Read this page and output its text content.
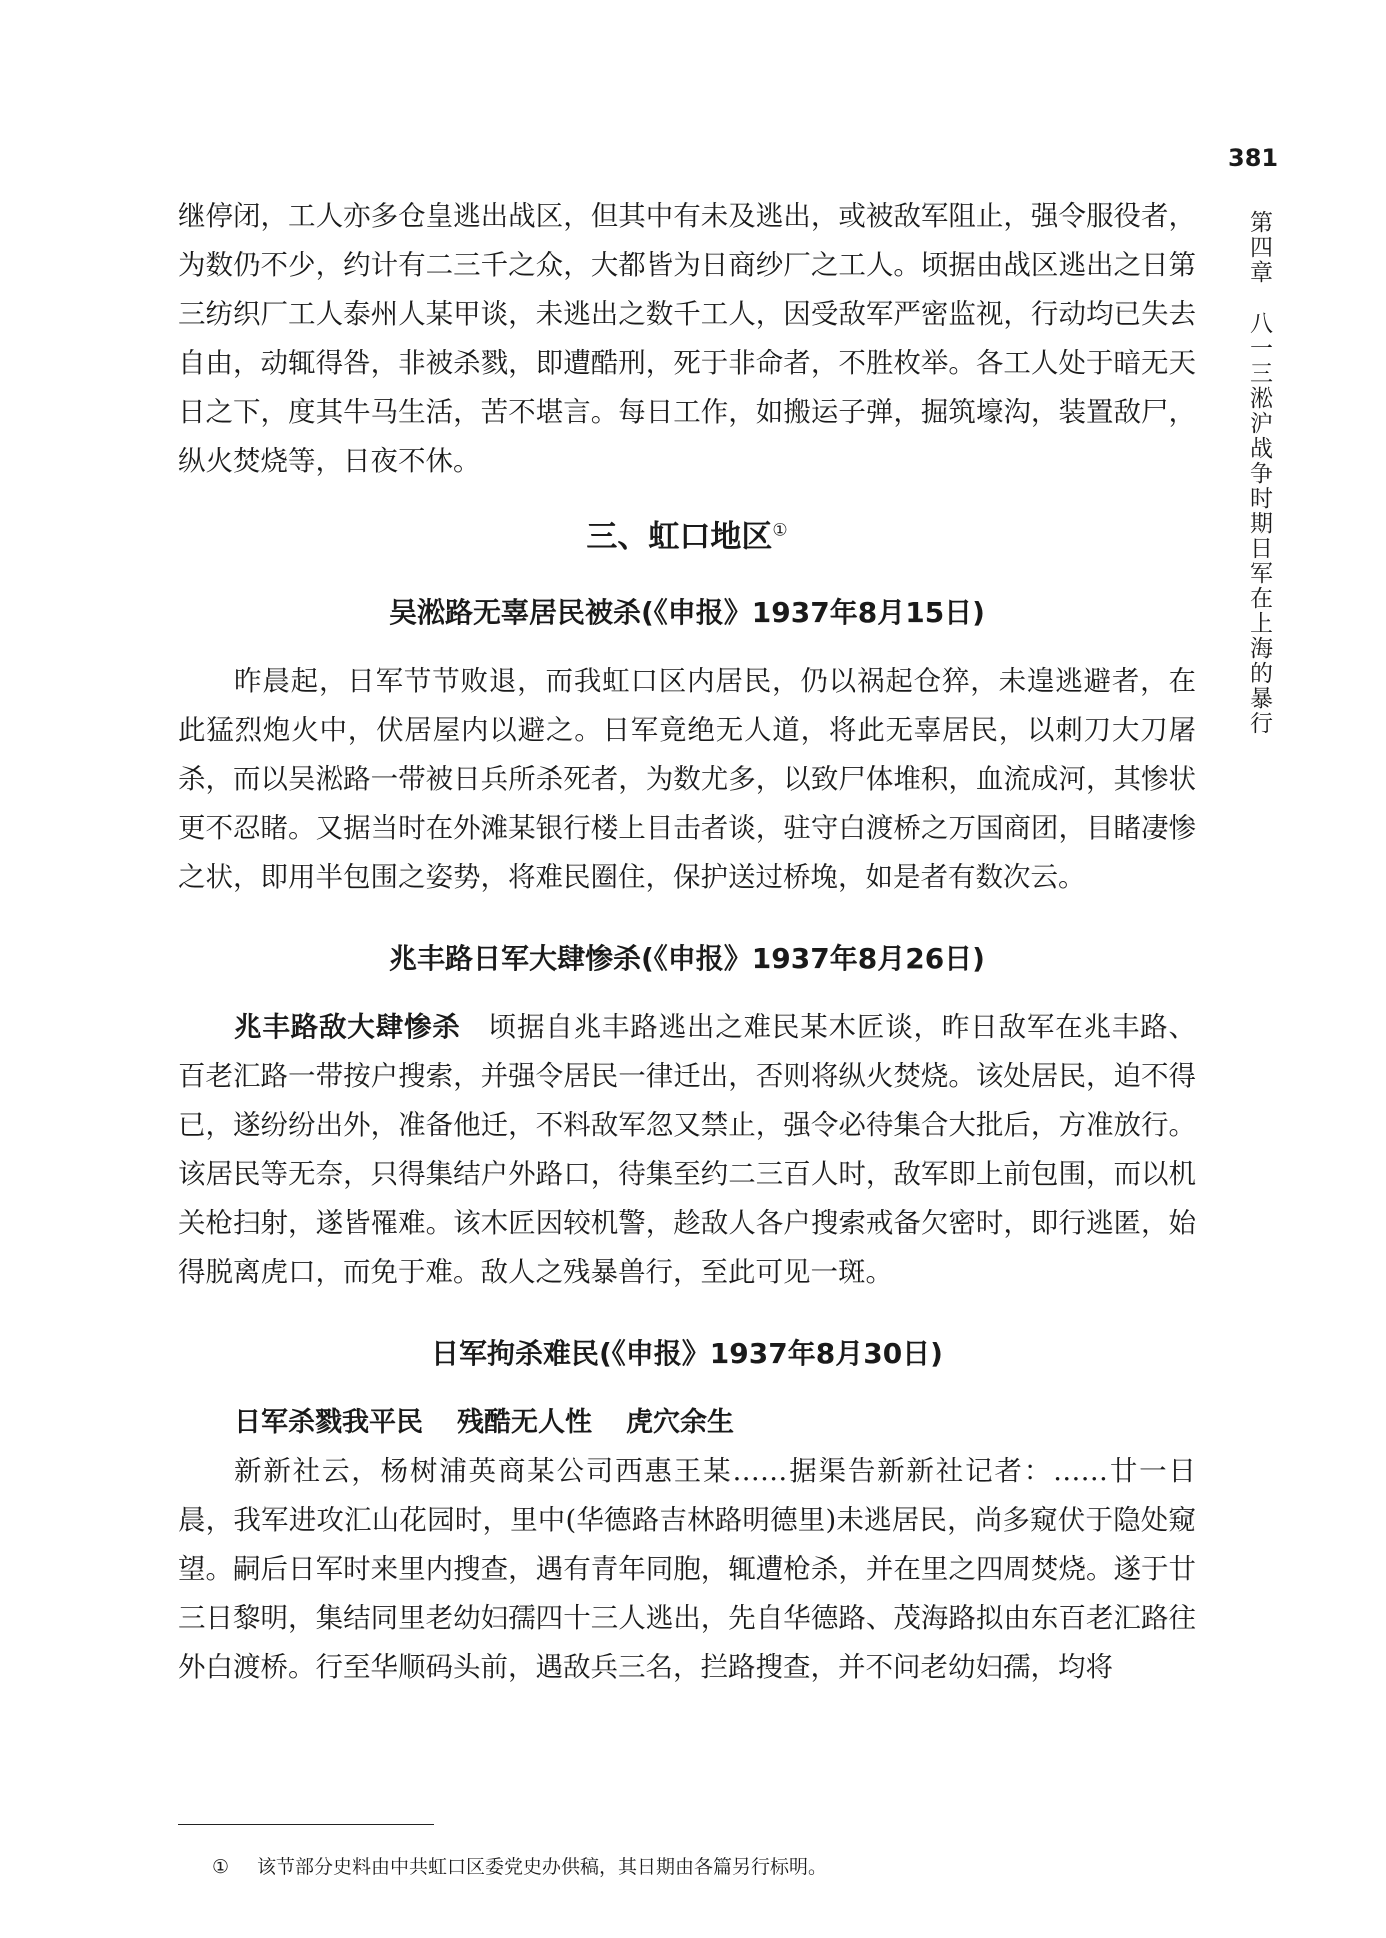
381
第四章八一三淞沪战争时期日军在上海的暴行

继停闭，工人亦多仓皇逃出战区，但其中有未及逃出，或被敌军阻止，强令服役者，为数仍不少，约计有二三千之众，大都皆为日商纱厂之工人。顷据由战区逃出之日第三纺织厂工人泰州人某甲谈，未逃出之数千工人，因受敌军严密监视，行动均已失去自由，动辄得咎，非被杀戮，即遭酷刑，死于非命者，不胜枚举。各工人处于暗无天日之下，度其牛马生活，苦不堪言。每日工作，如搬运子弹，掘筑壕沟，装置敌尸，纵火焚烧等，日夜不休。

三、虹口地区①
吴淞路无辜居民被杀(《申报》1937年8月15日)

昨晨起，日军节节败退，而我虹口区内居民，仍以祸起仓猝，未遑逃避者，在此猛烈炮火中，伏居屋内以避之。日军竟绝无人道，将此无辜居民，以刺刀大刀屠杀，而以吴淞路一带被日兵所杀死者，为数尤多，以致尸体堆积，血流成河，其惨状更不忍睹。又据当时在外滩某银行楼上目击者谈，驻守白渡桥之万国商团，目睹凄惨之状，即用半包围之姿势，将难民圈住，保护送过桥堍，如是者有数次云。

兆丰路日军大肆惨杀(《申报》1937年8月26日)

兆丰路敌大肆惨杀 顷据自兆丰路逃出之难民某木匠谈，昨日敌军在兆丰路、百老汇路一带按户搜索，并强令居民一律迁出，否则将纵火焚烧。该处居民，迫不得已，遂纷纷出外，准备他迁，不料敌军忽又禁止，强令必待集合大批后，方准放行。该居民等无奈，只得集结户外路口，待集至约二三百人时，敌军即上前包围，而以机关枪扫射，遂皆罹难。该木匠因较机警，趁敌人各户搜索戒备欠密时，即行逃匿，始得脱离虎口，而免于难。敌人之残暴兽行，至此可见一斑。

日军拘杀难民(《申报》1937年8月30日)

日军杀戮我平民 残酷无人性 虎穴余生

新新社云，杨树浦英商某公司西惠王某……据渠告新新社记者：……廿一日晨，我军进攻汇山花园时，里中(华德路吉林路明德里)未逃居民，尚多窥伏于隐处窥望。嗣后日军时来里内搜查，遇有青年同胞，辄遭枪杀，并在里之四周焚烧。遂于廿三日黎明，集结同里老幼妇孺四十三人逃出，先自华德路、茂海路拟由东百老汇路往外白渡桥。行至华顺码头前，遇敌兵三名，拦路搜查，并不问老幼妇孺，均将

① 该节部分史料由中共虹口区委党史办供稿，其日期由各篇另行标明。
